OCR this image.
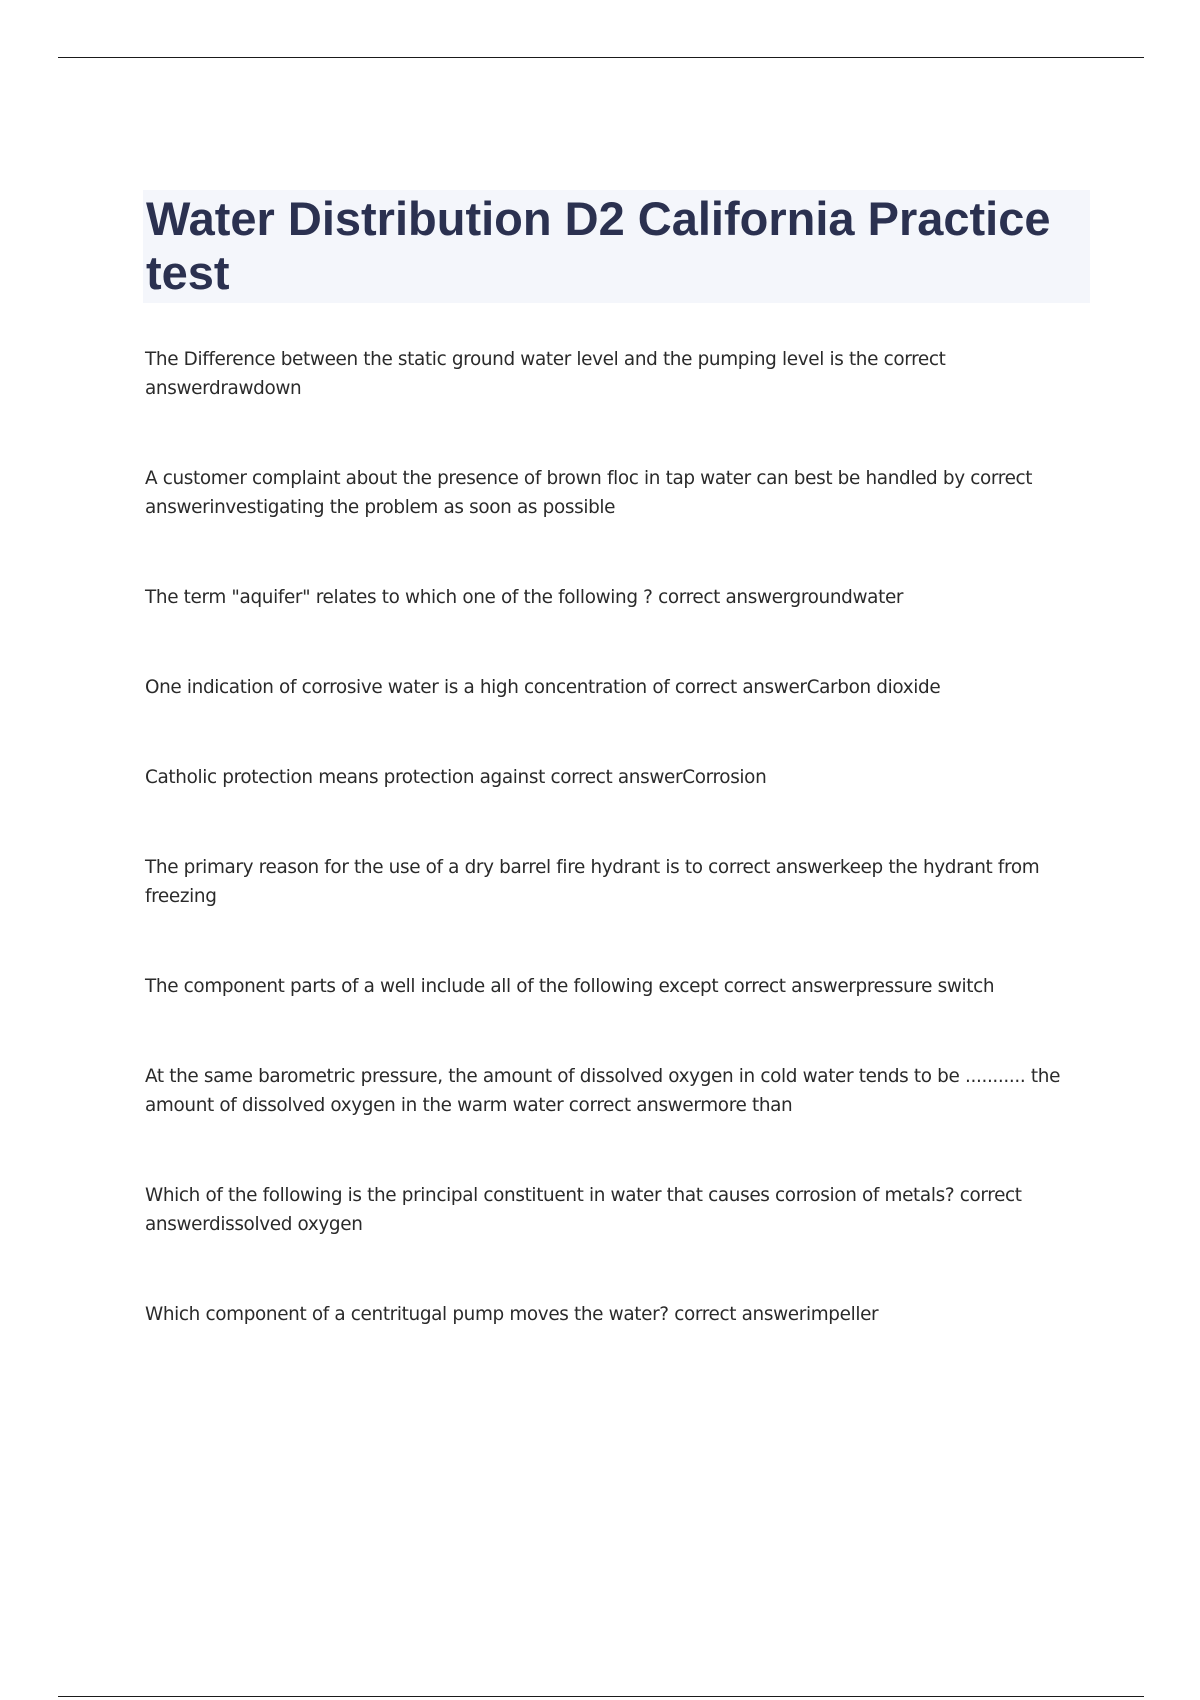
Water Distribution D2 California Practice test
The Difference between the static ground water level and the pumping level is the correct answerdrawdown
A customer complaint about the presence of brown floc in tap water can best be handled by correct answerinvestigating the problem as soon as possible
The term "aquifer" relates to which one of the following ? correct answergroundwater
One indication of corrosive water is a high concentration of correct answerCarbon dioxide
Catholic protection means protection against correct answerCorrosion
The primary reason for the use of a dry barrel fire hydrant is to correct answerkeep the hydrant from freezing
The component parts of a well include all of the following except correct answerpressure switch
At the same barometric pressure, the amount of dissolved oxygen in cold water tends to be ........... the amount of dissolved oxygen in the warm water correct answermore than
Which of the following is the principal constituent in water that causes corrosion of metals? correct answerdissolved oxygen
Which component of a centritugal pump moves the water? correct answerimpeller
